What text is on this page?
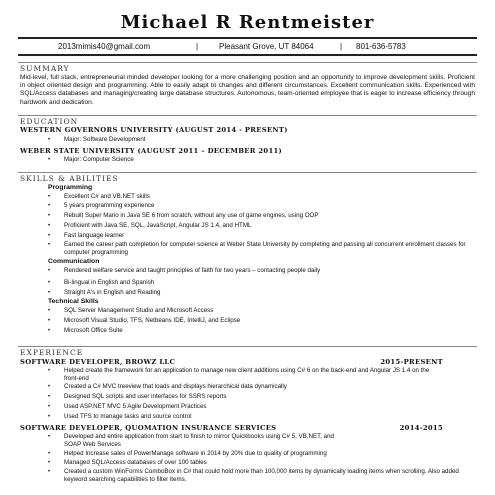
Michael R Rentmeister
2013mimis40@gmail.com	|	Pleasant Grove, UT 84064	| 801-636-5783
SUMMARY
Mid-level, full stack, entrepreneurial minded developer looking for a more challenging position and an opportunity to improve development skills. Proficient in object oriented design and programming. Able to easily adapt to changes and different circumstances. Excellent communication skills. Experienced with SQL/Access databases and managing/creating large database structures. Autonomous, team-oriented employee that is eager to increase efficiency through hardwork and dedication.
EDUCATION
WESTERN GOVERNORS UNIVERSITY (AUGUST 2014 - PRESENT)
• Major: Software Development
WEBER STATE UNIVERSITY (AUGUST 2011 – DECEMBER 2011)
• Major: Computer Science
SKILLS & ABILITIES
Programming
• Excellent C# and VB.NET skills
• 5 years programming experience
• Rebuilt Super Mario in Java SE 6 from scratch, without any use of game engines, using OOP
• Proficient with Java SE, SQL, JavaScript, Angular JS 1.4, and HTML
• Fast language learner
• Earned the career path completion for computer science at Weber State University by completing and passing all concurrent enrollment classes for computer programming
Communication
• Rendered welfare service and taught principles of faith for two years – contacting people daily
• Bi-lingual in English and Spanish
• Straight A's in English and Reading
Technical Skills
• SQL Server Management Studio and Microsoft Access
• Microsoft Visual Studio, TFS, Netbeans IDE, IntelliJ, and Eclipse
• Microsoft Office Suite
EXPERIENCE
SOFTWARE DEVELOPER, BROWZ LLC	2015-PRESENT
• Helped create the framework for an application to manage new client additions using C# 6 on the back-end and Angular JS 1.4 on the front-end
• Created a C# MVC treeview that loads and displays hierarchical data dynamically
• Designed SQL scripts and user interfaces for SSRS reports
• Used ASP.NET MVC 5 Agile Development Practices
• Used TFS to manage tasks and source control
SOFTWARE DEVELOPER, QUOMATION INSURANCE SERVICES	2014-2015
• Developed and entire application from start to finish to mirror Quickbooks using C# 5, VB.NET, and SOAP Web Services
• Helped Increase sales of PowerManage software in 2014 by 20% due to quality of programming
• Managed SQL/Access databases of over 100 tables
• Created a custom WinForms ComboBox in C# that could hold more than 100,000 items by dynamically loading items when scrolling. Also added keyword searching capabilities to filter items.
